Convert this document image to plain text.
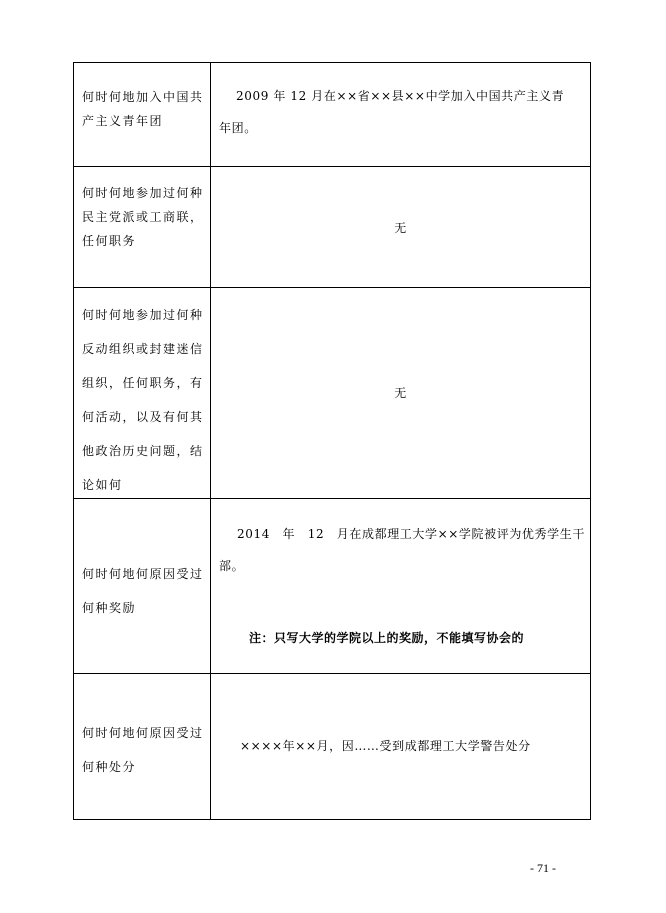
何时何地加入中国共产主义青年团
2009 年 12 月在××省××县××中学加入中国共产主义青
年团。
何时何地参加过何种民主党派或工商联，任何职务
无
何时何地参加过何种反动组织或封建迷信组织，任何职务，有何活动，以及有何其他政治历史问题，结论如何
无
何时何地何原因受过何种奖励
2014　年　12　月在成都理工大学××学院被评为优秀学生干
部。
注：只写大学的学院以上的奖励，不能填写协会的
何时何地何原因受过何种处分
××××年××月，因……受到成都理工大学警告处分
- 71 -
